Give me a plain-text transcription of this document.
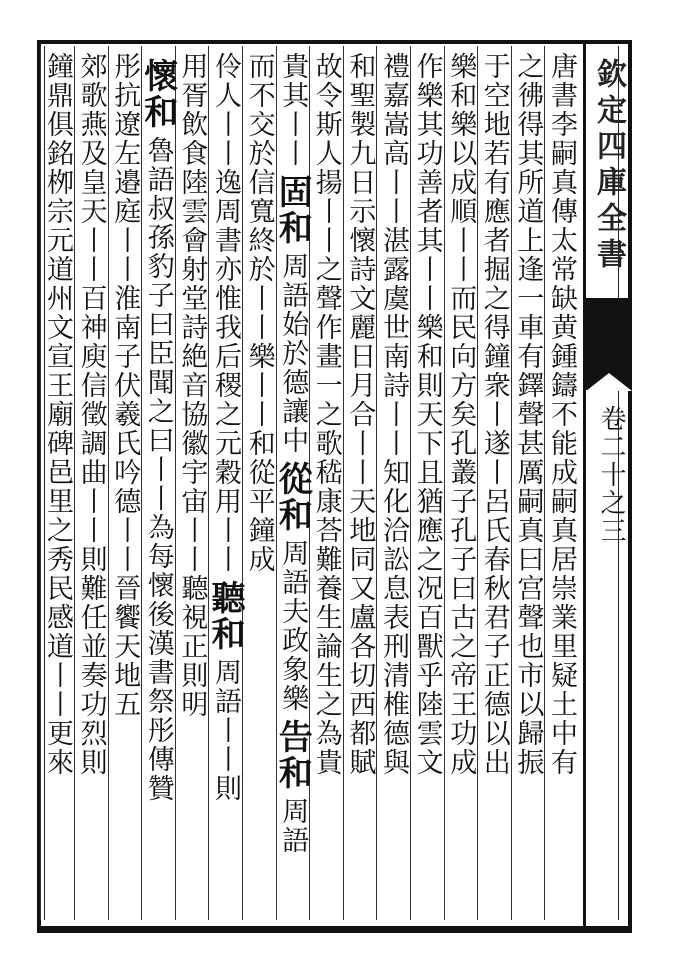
欽定四庫全書
卷二十之三
唐書李嗣真傳太常缺黄鍾鑄不能成嗣真居崇業里疑土中有
之彿得其所道上逢一車有鐸聲甚厲嗣真曰宫聲也市以歸振
于空地若有應者掘之得鐘衆丨遂丨呂氏春秋君子正德以出
樂和樂以成順丨丨而民向方矣孔叢子孔子曰古之帝王功成
作樂其功善者其丨丨樂和則天下且猶應之况百獸乎陸雲文
禮嘉嵩高丨丨湛露虞世南詩丨丨知化洽訟息表刑清椎德與
和聖製九日示懷詩文麗日月合丨丨天地同又盧各切西都賦
故令斯人揚丨丨之聲作畫一之歌嵇康荅難養生論生之為貴
貴其丨丨固和周語始於德讓中從和周語夫政象樂告和周語
而不交於信寬終於丨丨樂丨丨和從平鐘成
伶人丨丨逸周書亦惟我后稷之元穀用丨丨聽和周語丨丨則
用胥飲食陸雲會射堂詩絶音協徽宇宙丨丨聽視正則明
懷和魯語叔孫豹子曰臣聞之曰丨丨為每懷後漢書祭彤傳贊
彤抗遼左邉庭丨丨淮南子伏羲氏吟德丨丨晉饗天地五
郊歌燕及皇天丨丨百神庾信徵調曲丨丨則難任並奏功烈則
鐘鼎俱銘栁宗元道州文宣王廟碑邑里之秀民感道丨丨更來
